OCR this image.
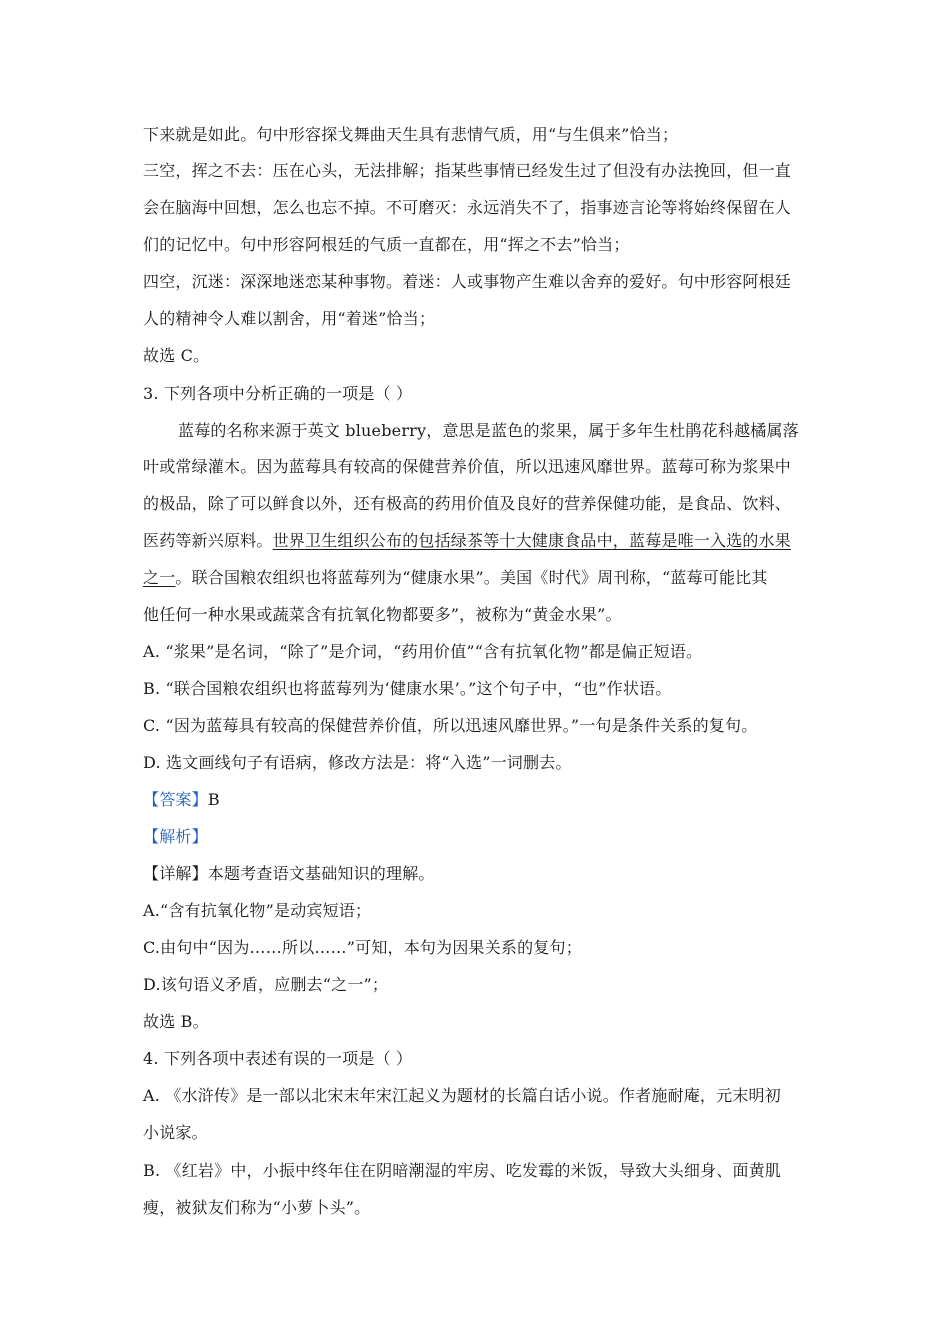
下来就是如此。句中形容探戈舞曲天生具有悲情气质，用“与生俱来”恰当；
三空，挥之不去：压在心头，无法排解；指某些事情已经发生过了但没有办法挽回，但一直
会在脑海中回想，怎么也忘不掉。不可磨灭：永远消失不了，指事迹言论等将始终保留在人
们的记忆中。句中形容阿根廷的气质一直都在，用“挥之不去”恰当；
四空，沉迷：深深地迷恋某种事物。着迷：人或事物产生难以舍弃的爱好。句中形容阿根廷
人的精神令人难以割舍，用“着迷”恰当；
故选 C。
3. 下列各项中分析正确的一项是（ ）
蓝莓的名称来源于英文 blueberry，意思是蓝色的浆果，属于多年生杜鹃花科越橘属落
叶或常绿灌木。因为蓝莓具有较高的保健营养价值，所以迅速风靡世界。蓝莓可称为浆果中
的极品，除了可以鲜食以外，还有极高的药用价值及良好的营养保健功能，是食品、饮料、
医药等新兴原料。世界卫生组织公布的包括绿茶等十大健康食品中，蓝莓是唯一入选的水果
之一。联合国粮农组织也将蓝莓列为“健康水果”。美国《时代》周刊称，“蓝莓可能比其
他任何一种水果或蔬菜含有抗氧化物都要多”，被称为“黄金水果”。
A. “浆果”是名词，“除了”是介词，“药用价值”“含有抗氧化物”都是偏正短语。
B. “联合国粮农组织也将蓝莓列为‘健康水果’。”这个句子中，“也”作状语。
C. “因为蓝莓具有较高的保健营养价值，所以迅速风靡世界。”一句是条件关系的复句。
D. 选文画线句子有语病，修改方法是：将“入选”一词删去。
【答案】B
【解析】
【详解】本题考查语文基础知识的理解。
A.“含有抗氧化物”是动宾短语；
C.由句中“因为……所以……”可知，本句为因果关系的复句；
D.该句语义矛盾，应删去“之一”；
故选 B。
4. 下列各项中表述有误的一项是（ ）
A. 《水浒传》是一部以北宋末年宋江起义为题材的长篇白话小说。作者施耐庵，元末明初
小说家。
B. 《红岩》中，小振中终年住在阴暗潮湿的牢房、吃发霉的米饭，导致大头细身、面黄肌
瘦，被狱友们称为“小萝卜头”。
